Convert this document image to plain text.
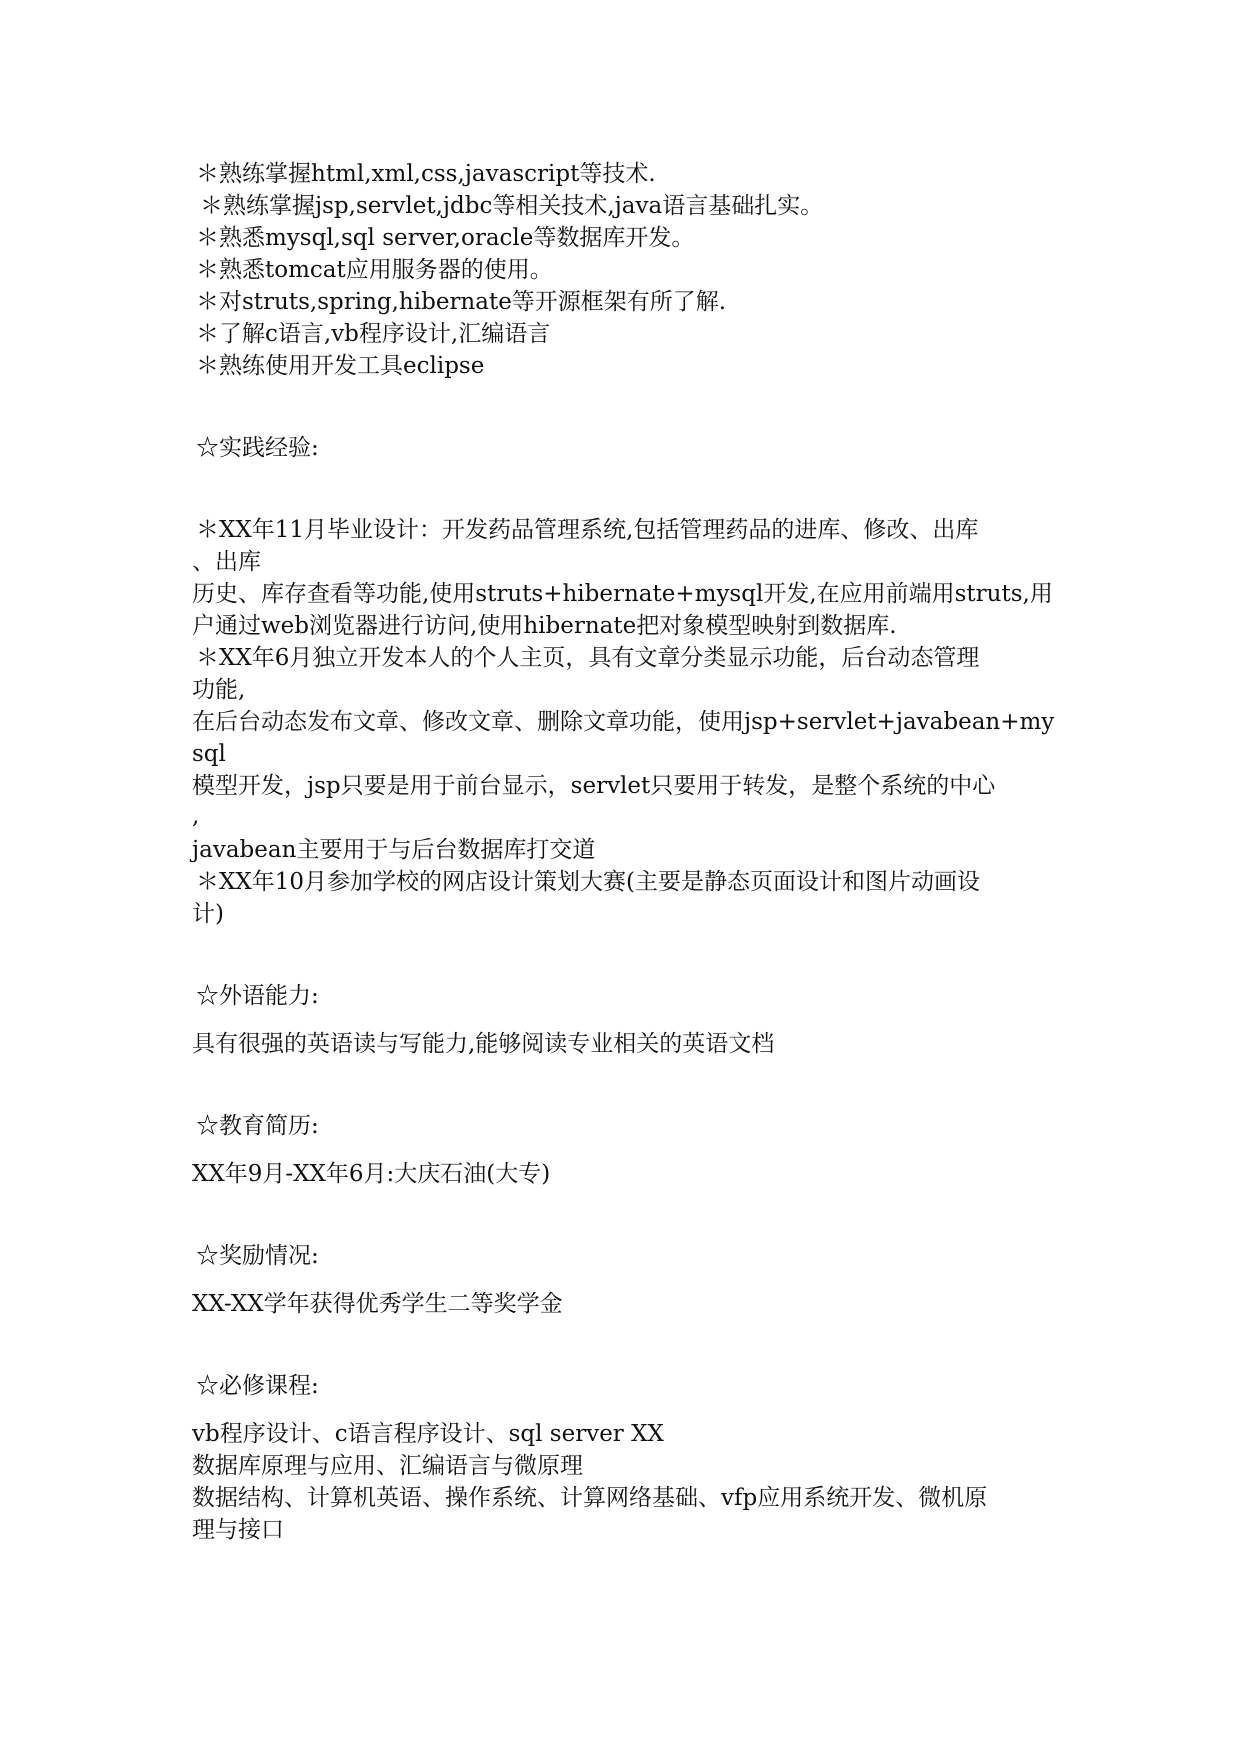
＊熟练掌握html,xml,css,javascript等技术.
＊熟练掌握jsp,servlet,jdbc等相关技术,java语言基础扎实。
＊熟悉mysql,sql server,oracle等数据库开发。
＊熟悉tomcat应用服务器的使用。
＊对struts,spring,hibernate等开源框架有所了解.
＊了解c语言,vb程序设计,汇编语言
＊熟练使用开发工具eclipse
☆实践经验:
＊XX年11月毕业设计：开发药品管理系统,包括管理药品的进库、修改、出库
、出库
历史、库存查看等功能,使用struts+hibernate+mysql开发,在应用前端用struts,用
户通过web浏览器进行访问,使用hibernate把对象模型映射到数据库.
＊XX年6月独立开发本人的个人主页，具有文章分类显示功能，后台动态管理
功能,
在后台动态发布文章、修改文章、删除文章功能，使用jsp+servlet+javabean+my
sql
模型开发，jsp只要是用于前台显示，servlet只要用于转发，是整个系统的中心
,
javabean主要用于与后台数据库打交道
＊XX年10月参加学校的网店设计策划大赛(主要是静态页面设计和图片动画设
计)
☆外语能力:
具有很强的英语读与写能力,能够阅读专业相关的英语文档
☆教育简历:
XX年9月-XX年6月:大庆石油(大专)
☆奖励情况:
XX-XX学年获得优秀学生二等奖学金
☆必修课程:
vb程序设计、c语言程序设计、sql server XX
数据库原理与应用、汇编语言与微原理
数据结构、计算机英语、操作系统、计算网络基础、vfp应用系统开发、微机原
理与接口
